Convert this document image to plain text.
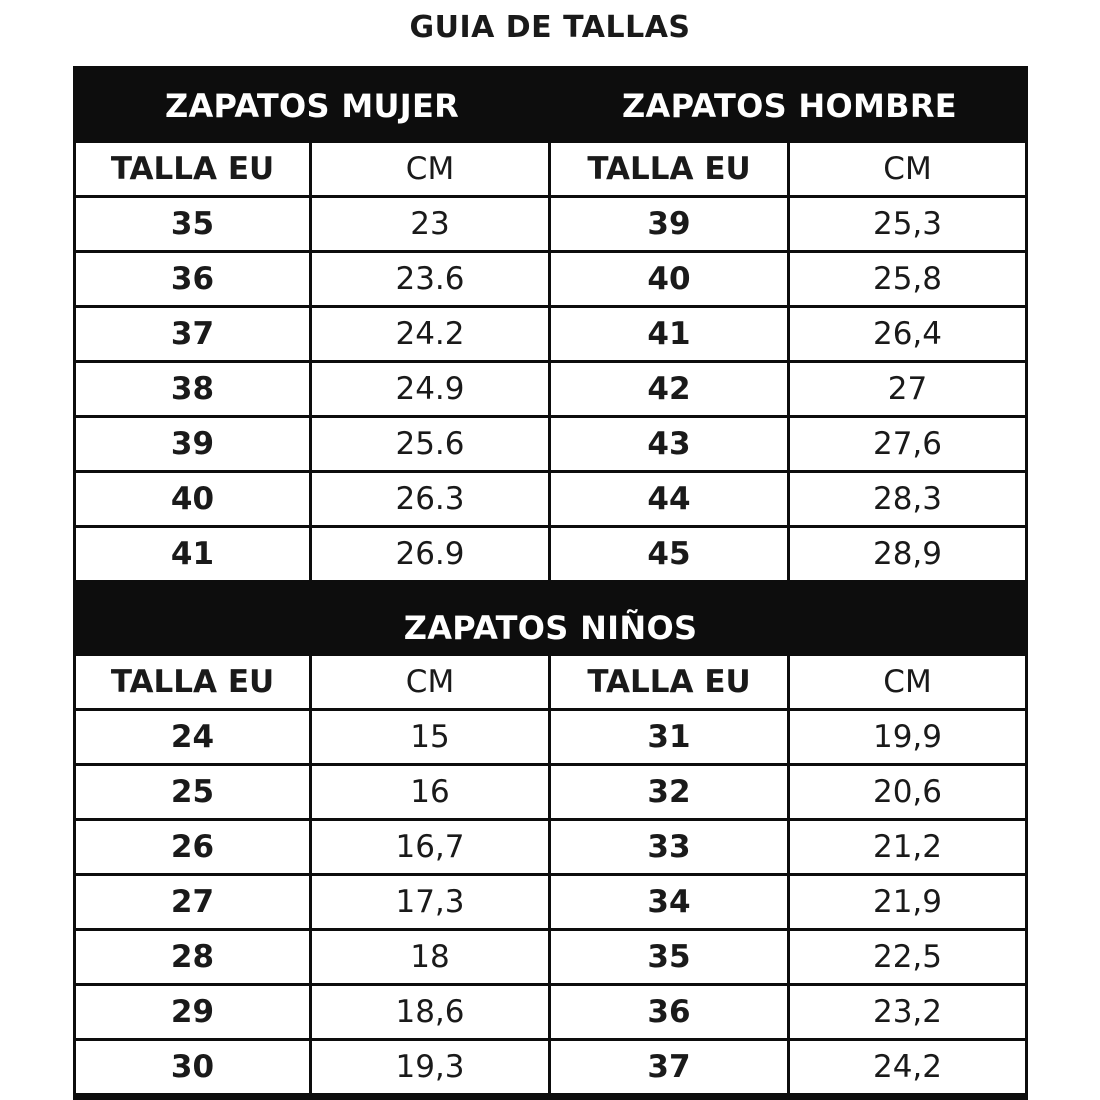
GUIA DE TALLAS
ZAPATOS MUJER	ZAPATOS HOMBRE
TALLA EU	CM	TALLA EU	CM
35	23	39	25,3
36	23.6	40	25,8
37	24.2	41	26,4
38	24.9	42	27
39	25.6	43	27,6
40	26.3	44	28,3
41	26.9	45	28,9
ZAPATOS NIÑOS
TALLA EU	CM	TALLA EU	CM
24	15	31	19,9
25	16	32	20,6
26	16,7	33	21,2
27	17,3	34	21,9
28	18	35	22,5
29	18,6	36	23,2
30	19,3	37	24,2
